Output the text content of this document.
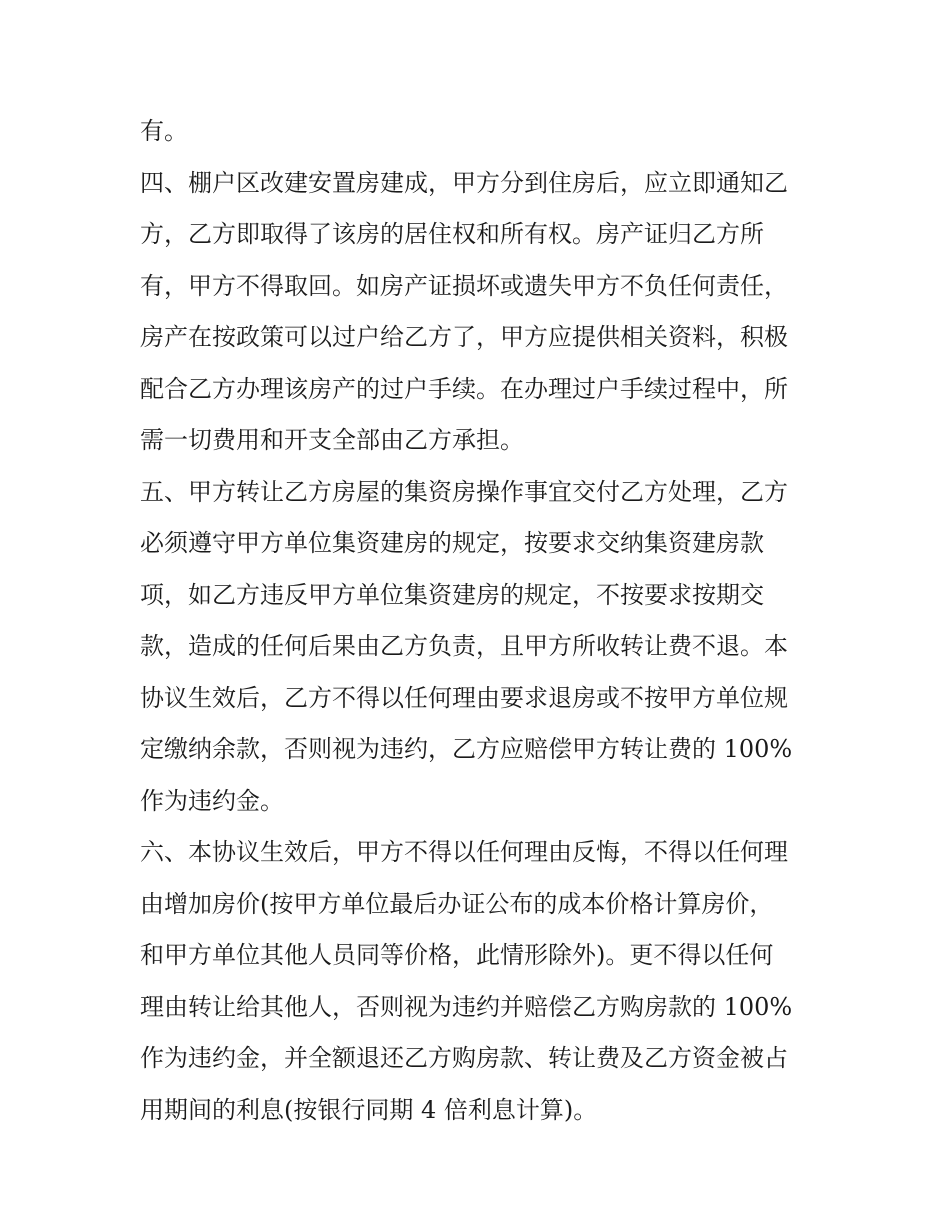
有。
四、棚户区改建安置房建成，甲方分到住房后，应立即通知乙
方，乙方即取得了该房的居住权和所有权。房产证归乙方所
有，甲方不得取回。如房产证损坏或遗失甲方不负任何责任，
房产在按政策可以过户给乙方了，甲方应提供相关资料，积极
配合乙方办理该房产的过户手续。在办理过户手续过程中，所
需一切费用和开支全部由乙方承担。
五、甲方转让乙方房屋的集资房操作事宜交付乙方处理，乙方
必须遵守甲方单位集资建房的规定，按要求交纳集资建房款
项，如乙方违反甲方单位集资建房的规定，不按要求按期交
款，造成的任何后果由乙方负责，且甲方所收转让费不退。本
协议生效后，乙方不得以任何理由要求退房或不按甲方单位规
定缴纳余款，否则视为违约，乙方应赔偿甲方转让费的 100%
作为违约金。
六、本协议生效后，甲方不得以任何理由反悔，不得以任何理
由增加房价(按甲方单位最后办证公布的成本价格计算房价，
和甲方单位其他人员同等价格，此情形除外)。更不得以任何
理由转让给其他人，否则视为违约并赔偿乙方购房款的 100%
作为违约金，并全额退还乙方购房款、转让费及乙方资金被占
用期间的利息(按银行同期 4 倍利息计算)。
